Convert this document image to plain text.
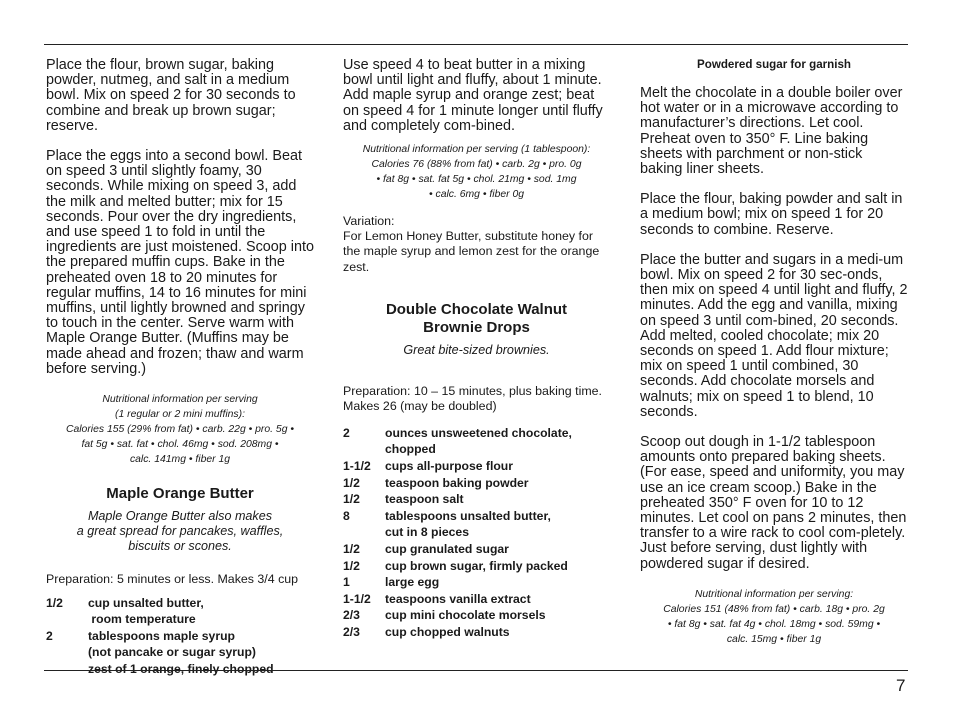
Place the flour, brown sugar, baking powder, nutmeg, and salt in a medium bowl. Mix on speed 2 for 30 seconds to combine and break up brown sugar; reserve.

Place the eggs into a second bowl. Beat on speed 3 until slightly foamy, 30 seconds. While mixing on speed 3, add the milk and melted butter; mix for 15 seconds. Pour over the dry ingredients, and use speed 1 to fold in until the ingredients are just moistened. Scoop into the prepared muffin cups. Bake in the preheated oven 18 to 20 minutes for regular muffins, 14 to 16 minutes for mini muffins, until lightly browned and springy to touch in the center. Serve warm with Maple Orange Butter. (Muffins may be made ahead and frozen; thaw and warm before serving.)

Nutritional information per serving
(1 regular or 2 mini muffins):
Calories 155 (29% from fat) • carb. 22g • pro. 5g •
fat 5g • sat. fat • chol. 46mg • sod. 208mg •
calc. 141mg • fiber 1g
Maple Orange Butter
Maple Orange Butter also makes
a great spread for pancakes, waffles,
biscuits or scones.
Preparation: 5 minutes or less. Makes 3/4 cup
1/2	cup unsalted butter,
room temperature
2	tablespoons maple syrup
(not pancake or sugar syrup)
zest of 1 orange, finely chopped

Use speed 4 to beat butter in a mixing bowl until light and fluffy, about 1 minute. Add maple syrup and orange zest; beat on speed 4 for 1 minute longer until fluffy and completely com-bined.

Nutritional information per serving (1 tablespoon):
Calories 76 (88% from fat) • carb. 2g • pro. 0g
• fat 8g • sat. fat 5g • chol. 21mg • sod. 1mg
• calc. 6mg • fiber 0g
Variation:

For Lemon Honey Butter, substitute honey for the maple syrup and lemon zest for the orange zest.

Double Chocolate Walnut
Brownie Drops
Great bite-sized brownies.
Preparation: 10 – 15 minutes, plus baking time.
Makes 26 (may be doubled)
2	ounces unsweetened chocolate,
chopped
1-1/2	cups all-purpose flour
1/2	teaspoon baking powder
1/2	teaspoon salt
8	tablespoons unsalted butter,
cut in 8 pieces
1/2	cup granulated sugar
1/2	cup brown sugar, firmly packed
1	large egg
1-1/2	teaspoons vanilla extract
2/3	cup mini chocolate morsels
2/3	cup chopped walnuts
Powdered sugar for garnish

Melt the chocolate in a double boiler over hot water or in a microwave according to manufacturer’s directions. Let cool. Preheat oven to 350° F. Line baking sheets with parchment or non-stick baking liner sheets.

Place the flour, baking powder and salt in a medium bowl; mix on speed 1 for 20 seconds to combine. Reserve.

Place the butter and sugars in a medi-um bowl. Mix on speed 2 for 30 sec-onds, then mix on speed 4 until light and fluffy, 2 minutes. Add the egg and vanilla, mixing on speed 3 until com-bined, 20 seconds. Add melted, cooled chocolate; mix 20 seconds on speed 1. Add flour mixture; mix on speed 1 until combined, 30 seconds. Add chocolate morsels and walnuts; mix on speed 1 to blend, 10 seconds.

Scoop out dough in 1-1/2 tablespoon amounts onto prepared baking sheets. (For ease, speed and uniformity, you may use an ice cream scoop.) Bake in the preheated 350° F oven for 10 to 12 minutes. Let cool on pans 2 minutes, then transfer to a wire rack to cool com-pletely. Just before serving, dust lightly with powdered sugar if desired.

Nutritional information per serving:
Calories 151 (48% from fat) • carb. 18g • pro. 2g
• fat 8g • sat. fat 4g • chol. 18mg • sod. 59mg •
calc. 15mg • fiber 1g
7
